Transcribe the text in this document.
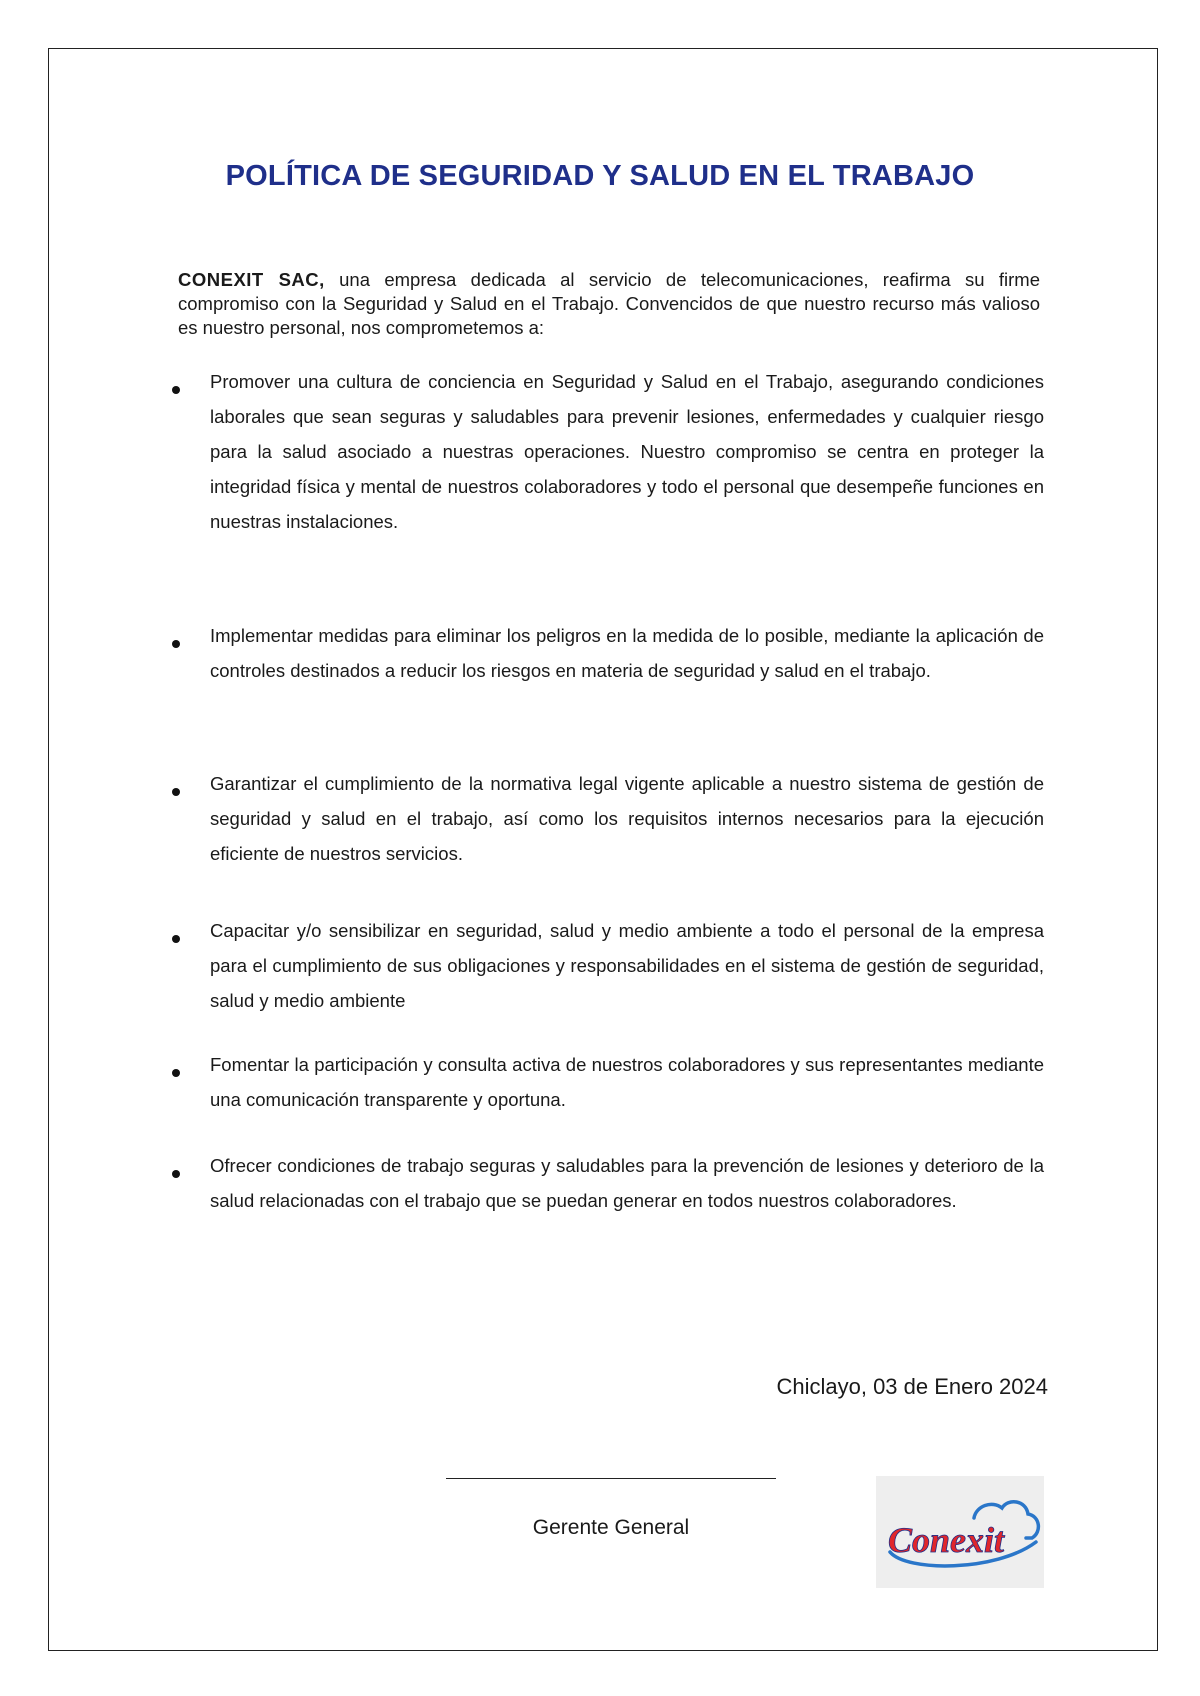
POLÍTICA DE SEGURIDAD Y SALUD EN EL TRABAJO

CONEXIT SAC, una empresa dedicada al servicio de telecomunicaciones, reafirma su firme compromiso con la Seguridad y Salud en el Trabajo. Convencidos de que nuestro recurso más valioso es nuestro personal, nos comprometemos a:

Promover una cultura de conciencia en Seguridad y Salud en el Trabajo, asegurando condiciones laborales que sean seguras y saludables para prevenir lesiones, enfermedades y cualquier riesgo para la salud asociado a nuestras operaciones. Nuestro compromiso se centra en proteger la integridad física y mental de nuestros colaboradores y todo el personal que desempeñe funciones en nuestras instalaciones.

Implementar medidas para eliminar los peligros en la medida de lo posible, mediante la aplicación de controles destinados a reducir los riesgos en materia de seguridad y salud en el trabajo.

Garantizar el cumplimiento de la normativa legal vigente aplicable a nuestro sistema de gestión de seguridad y salud en el trabajo, así como los requisitos internos necesarios para la ejecución eficiente de nuestros servicios.

Capacitar y/o sensibilizar en seguridad, salud y medio ambiente a todo el personal de la empresa para el cumplimiento de sus obligaciones y responsabilidades en el sistema de gestión de seguridad, salud y medio ambiente

Fomentar la participación y consulta activa de nuestros colaboradores y sus representantes mediante una comunicación transparente y oportuna.

Ofrecer condiciones de trabajo seguras y saludables para la prevención de lesiones y deterioro de la salud relacionadas con el trabajo que se puedan generar en todos nuestros colaboradores.

Chiclayo, 03 de Enero 2024

Gerente General	Conexit
